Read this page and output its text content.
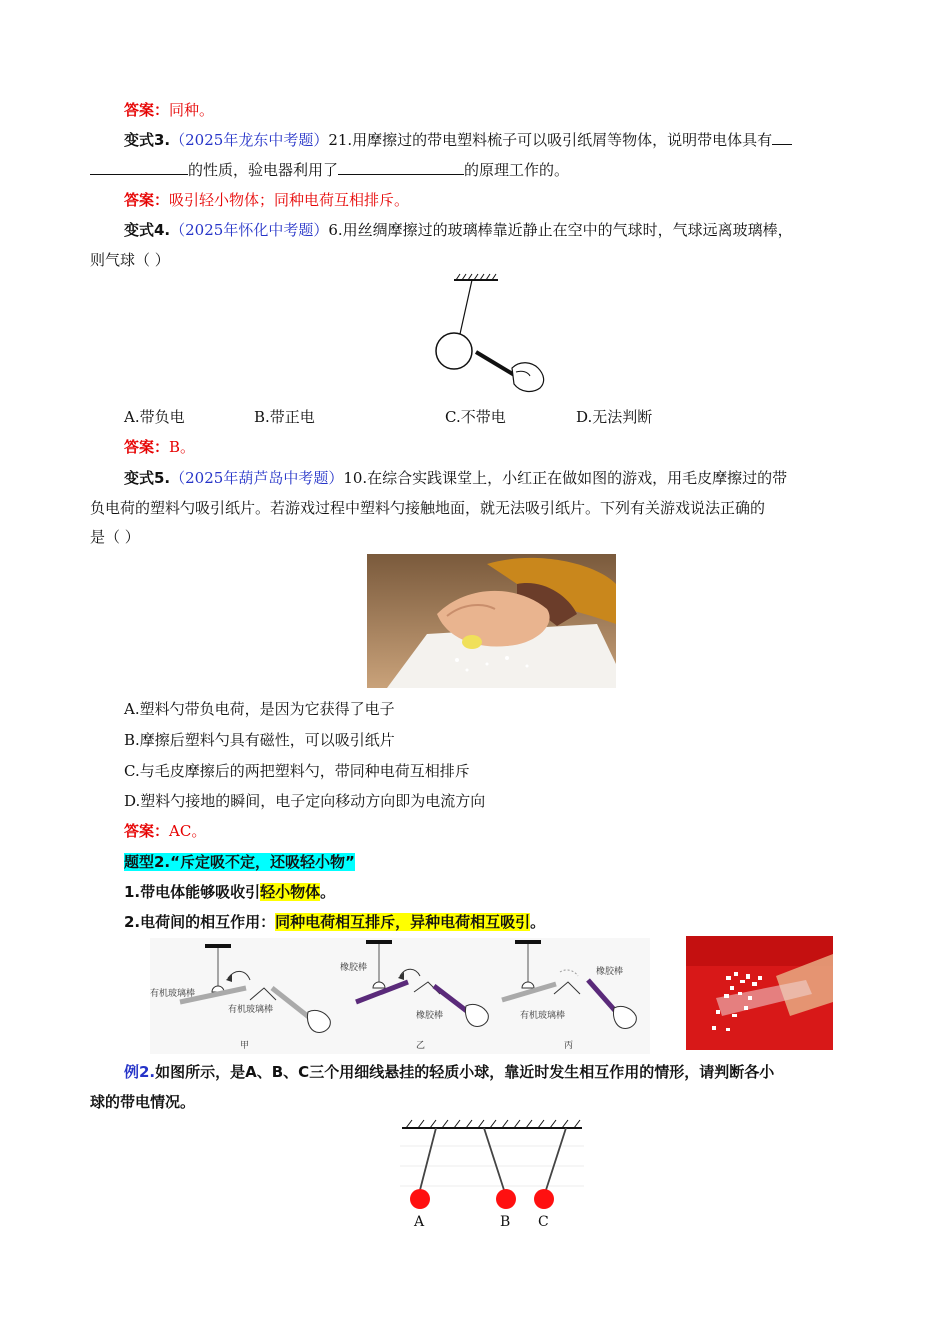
答案：同种。
变式3.（2025年龙东中考题）21.用摩擦过的带电塑料梳子可以吸引纸屑等物体，说明带电体具有
的性质，验电器利用了	的原理工作的。
答案：吸引轻小物体；同种电荷互相排斥。
变式4.（2025年怀化中考题）6.用丝绸摩擦过的玻璃棒靠近静止在空中的气球时，气球远离玻璃棒，
则气球（ ）
A.带负电	B.带正电	C.不带电	D.无法判断
答案：B。
变式5.（2025年葫芦岛中考题）10.在综合实践课堂上，小红正在做如图的游戏，用毛皮摩擦过的带
负电荷的塑料勺吸引纸片。若游戏过程中塑料勺接触地面，就无法吸引纸片。下列有关游戏说法正确的
是（ ）
A.塑料勺带负电荷，是因为它获得了电子
B.摩擦后塑料勺具有磁性，可以吸引纸片
C.与毛皮摩擦后的两把塑料勺，带同种电荷互相排斥
D.塑料勺接地的瞬间，电子定向移动方向即为电流方向
答案：AC。
题型2.“斥定吸不定，还吸轻小物”
1.带电体能够吸收引轻小物体。
2.电荷间的相互作用：同种电荷相互排斥，异种电荷相互吸引。
有机玻璃棒
有机玻璃棒
甲
橡胶棒
橡胶棒
乙
橡胶棒
有机玻璃棒
丙
例2.如图所示，是A、B、C三个用细线悬挂的轻质小球，靠近时发生相互作用的情形，请判断各小
球的带电情况。
A	B C
